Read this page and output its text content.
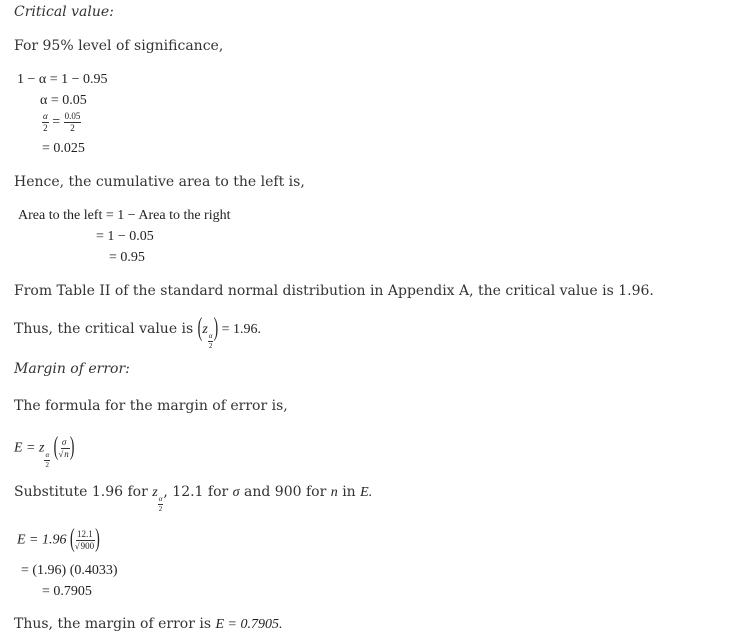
Critical value:
For 95% level of significance,
1 − α = 1 − 0.95
α = 0.05
$\frac{\alpha}{2} = \frac{0.05}{2}$
= 0.025
Hence, the cumulative area to the left is,
Area to the left = 1 − Area to the right
= 1 − 0.05
= 0.95
From Table II of the standard normal distribution in Appendix A, the critical value is 1.96.
Thus, the critical value is (z
$\frac{\alpha}{2}$ ) = 1.96.
Margin of error:
The formula for the margin of error is,
E = z
$\frac{\alpha}{2}$ ( $\frac{\sigma}{√n}$ )
Substitute 1.96 for z
$\frac{\alpha}{2}$
, 12.1 for σ and 900 for n in E.
E = 1.96 ( $\frac{12.1}{√900}$ )
= (1.96) (0.4033)
= 0.7905
Thus, the margin of error is E = 0.7905.
